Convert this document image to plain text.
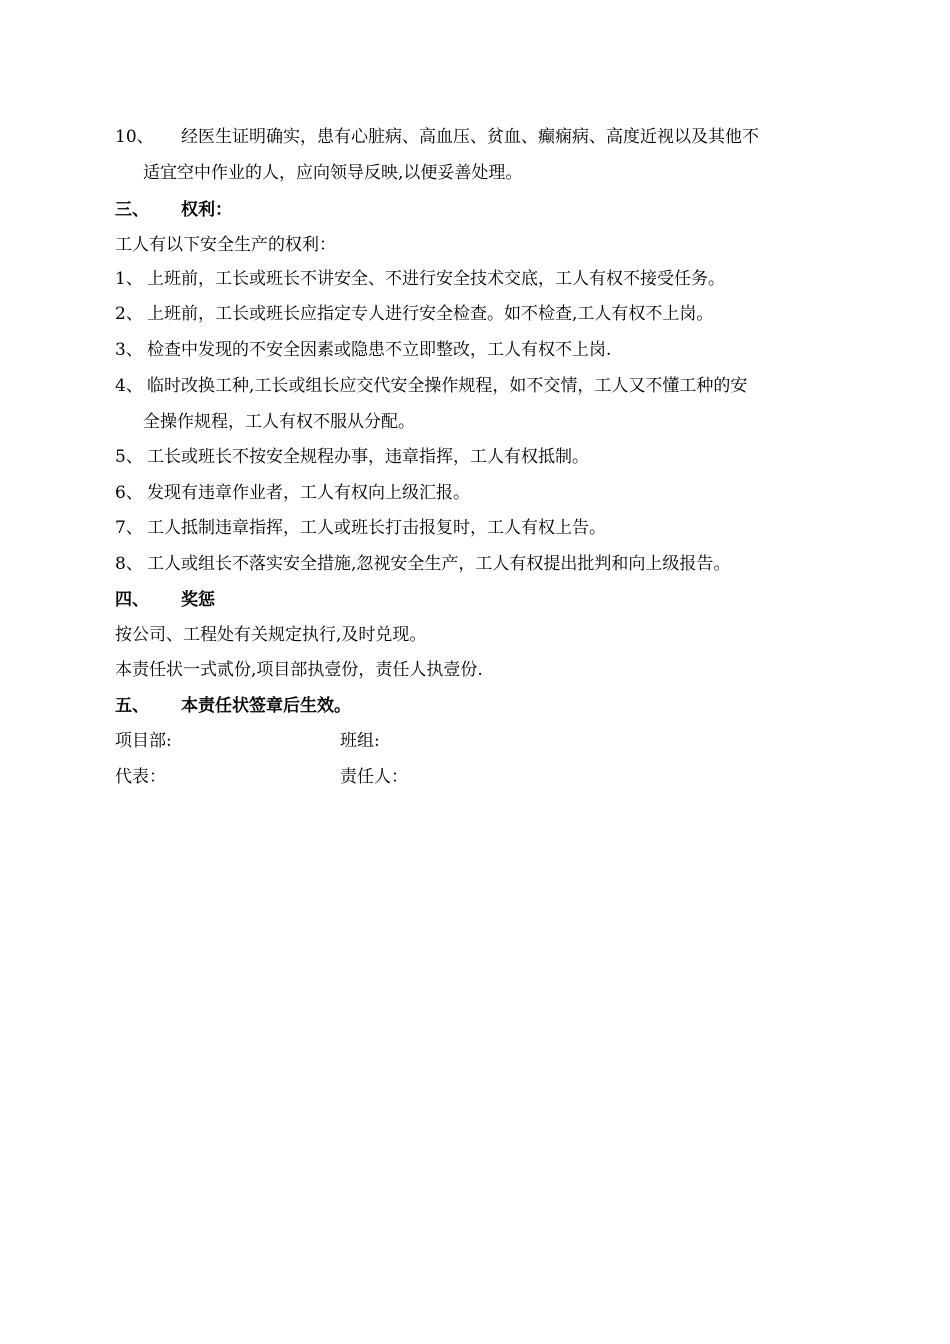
10、 经医生证明确实，患有心脏病、高血压、贫血、癫痫病、高度近视以及其他不
适宜空中作业的人，应向领导反映,以便妥善处理。
三、 权利：
工人有以下安全生产的权利：
1、 上班前，工长或班长不讲安全、不进行安全技术交底，工人有权不接受任务。
2、 上班前，工长或班长应指定专人进行安全检查。如不检查,工人有权不上岗。
3、 检查中发现的不安全因素或隐患不立即整改，工人有权不上岗.
4、 临时改换工种,工长或组长应交代安全操作规程，如不交情，工人又不懂工种的安
全操作规程，工人有权不服从分配。
5、 工长或班长不按安全规程办事，违章指挥，工人有权抵制。
6、 发现有违章作业者，工人有权向上级汇报。
7、 工人抵制违章指挥，工人或班长打击报复时，工人有权上告。
8、 工人或组长不落实安全措施,忽视安全生产，工人有权提出批判和向上级报告。
四、 奖惩
按公司、工程处有关规定执行,及时兑现。
本责任状一式贰份,项目部执壹份，责任人执壹份.
五、 本责任状签章后生效。
项目部:	班组:
代表：	责任人：
